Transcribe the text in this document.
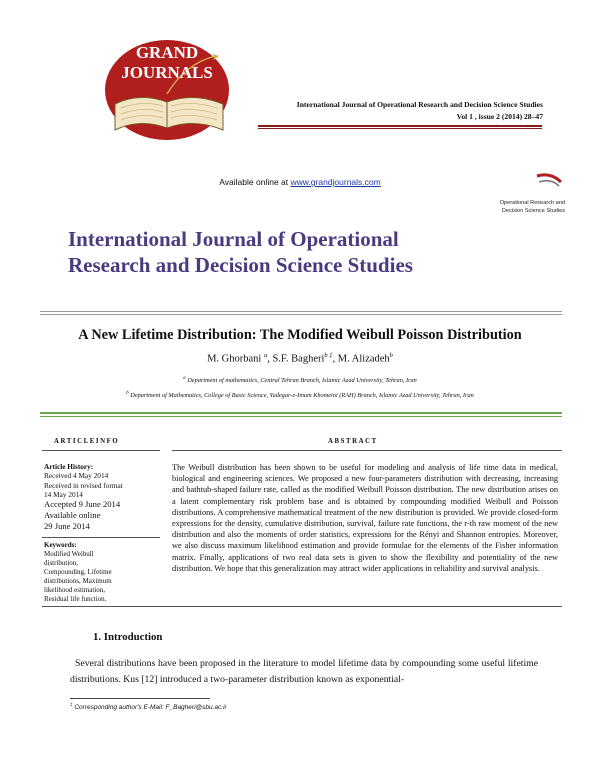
GRAND
JOURNALS
International Journal of Operational Research and Decision Science Studies
Vol 1 , issue 2 (2014) 28–47
Available online at www.grandjournals.com
Operational Research and
Decision Science Studies
International Journal of Operational
Research and Decision Science Studies
A New Lifetime Distribution: The Modified Weibull Poisson Distribution
M. Ghorbani $^a$, S.F. Bagheri$^{b \ddagger}$, M. Alizadeh$^b$
$^a$ Department of mathematics, Central Tehran Branch, Islamic Azad University, Tehran, Iran
$^b$ Department of Mathematics, College of Basic Science, Yadegar-e-Imam Khomeini (RAH) Branch, Islamic Azad University, Tehran, Iran
ARTICLEINFO	ABSTRACT
Article History:
Received 4 May 2014
Received in revised format
14 May 2014
Accepted 9 June 2014
Available online
29 June 2014
Keywords:
Modified Weibull
distribution,
Compounding, Lifetime
distributions, Maximum
likelihood estimation,
Residual life function.
The Weibull distribution has been shown to be useful for modeling and analysis of life time data in medical, biological and engineering sciences. We proposed a new four-parameters distribution with decreasing, increasing and bathtub-shaped failure rate, called as the modified Weibull Poisson distribution. The new distribution arises on a latent complementary risk problem base and is obtained by compounding modified Weibull and Poisson distributions. A comprehensive mathematical treatment of the new distribution is provided. We provide closed-form expressions for the density, cumulative distribution, survival, failure rate functions, the r-th raw moment of the new distribution and also the moments of order statistics, expressions for the Rényi and Shannon entropies. Moreover, we also discuss maximum likelihood estimation and provide formulae for the elements of the Fisher information matrix. Finally, applications of two real data sets is given to show the flexibility and potentiality of the new distribution. We hope that this generalization may attract wider applications in reliability and survival analysis.
1. Introduction
Several distributions have been proposed in the literature to model lifetime data by compounding some useful lifetime distributions. Kus [12] introduced a two-parameter distribution known as exponential-
‡ Corresponding author's E-Mail: F_Bagheri@sbu.ac.ir
